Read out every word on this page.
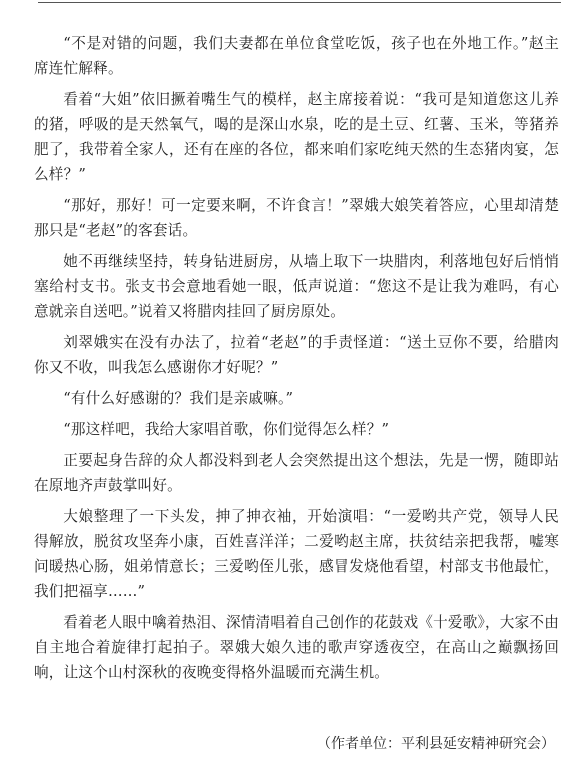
“不是对错的问题，我们夫妻都在单位食堂吃饭，孩子也在外地工作。”赵主席连忙解释。

看着“大姐”依旧撅着嘴生气的模样，赵主席接着说：“我可是知道您这儿养的猪，呼吸的是天然氧气，喝的是深山水泉，吃的是土豆、红薯、玉米，等猪养肥了，我带着全家人，还有在座的各位，都来咱们家吃纯天然的生态猪肉宴，怎么样？”

“那好，那好！可一定要来啊，不许食言！”翠娥大娘笑着答应，心里却清楚那只是“老赵”的客套话。

她不再继续坚持，转身钻进厨房，从墙上取下一块腊肉，利落地包好后悄悄塞给村支书。张支书会意地看她一眼，低声说道：“您这不是让我为难吗，有心意就亲自送吧。”说着又将腊肉挂回了厨房原处。

刘翠娥实在没有办法了，拉着“老赵”的手责怪道：“送土豆你不要，给腊肉你又不收，叫我怎么感谢你才好呢？”

“有什么好感谢的？我们是亲戚嘛。”

“那这样吧，我给大家唱首歌，你们觉得怎么样？”

正要起身告辞的众人都没料到老人会突然提出这个想法，先是一愣，随即站在原地齐声鼓掌叫好。

大娘整理了一下头发，抻了抻衣袖，开始演唱：“一爱哟共产党，领导人民得解放，脱贫攻坚奔小康，百姓喜洋洋；二爱哟赵主席，扶贫结亲把我帮，嘘寒问暖热心肠，姐弟情意长；三爱哟侄儿张，感冒发烧他看望，村部支书他最忙，我们把福享……”

看着老人眼中噙着热泪、深情清唱着自己创作的花鼓戏《十爱歌》，大家不由自主地合着旋律打起拍子。翠娥大娘久违的歌声穿透夜空，在高山之巅飘扬回响，让这个山村深秋的夜晚变得格外温暖而充满生机。

（作者单位：平利县延安精神研究会）
